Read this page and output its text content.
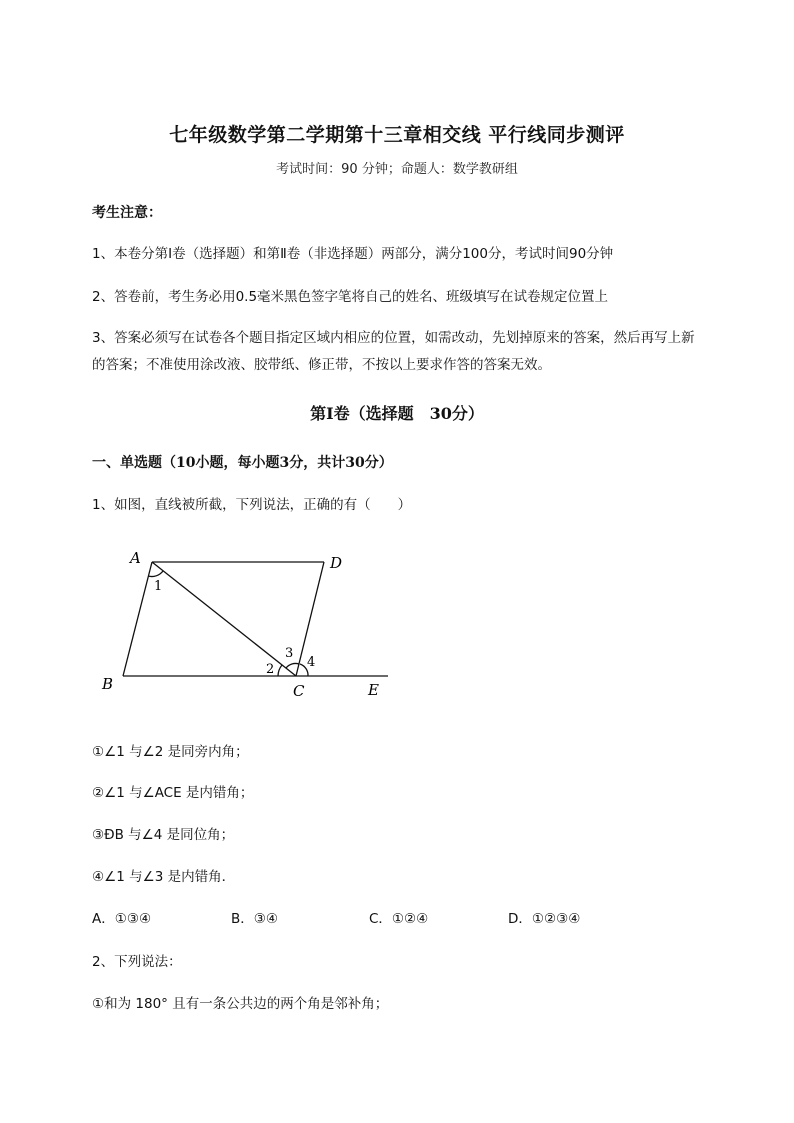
七年级数学第二学期第十三章相交线 平行线同步测评
考试时间：90 分钟；命题人：数学教研组
考生注意：
1、本卷分第I卷（选择题）和第Ⅱ卷（非选择题）两部分，满分100分，考试时间90分钟
2、答卷前，考生务必用0.5毫米黑色签字笔将自己的姓名、班级填写在试卷规定位置上
3、答案必须写在试卷各个题目指定区域内相应的位置，如需改动，先划掉原来的答案，然后再写上新
的答案；不准使用涂改液、胶带纸、修正带，不按以上要求作答的答案无效。
第I卷（选择题　30分）
一、单选题（10小题，每小题3分，共计30分）
1、如图，直线被所截，下列说法，正确的有（　　）
A	D
B	C	E
1
2
3
4
①∠1 与∠2 是同旁内角；
②∠1 与∠ACE 是内错角；
③ÐB 与∠4 是同位角；
④∠1 与∠3 是内错角．
A．①③④	B．③④	C．①②④	D．①②③④
2、下列说法：
①和为 180° 且有一条公共边的两个角是邻补角；
